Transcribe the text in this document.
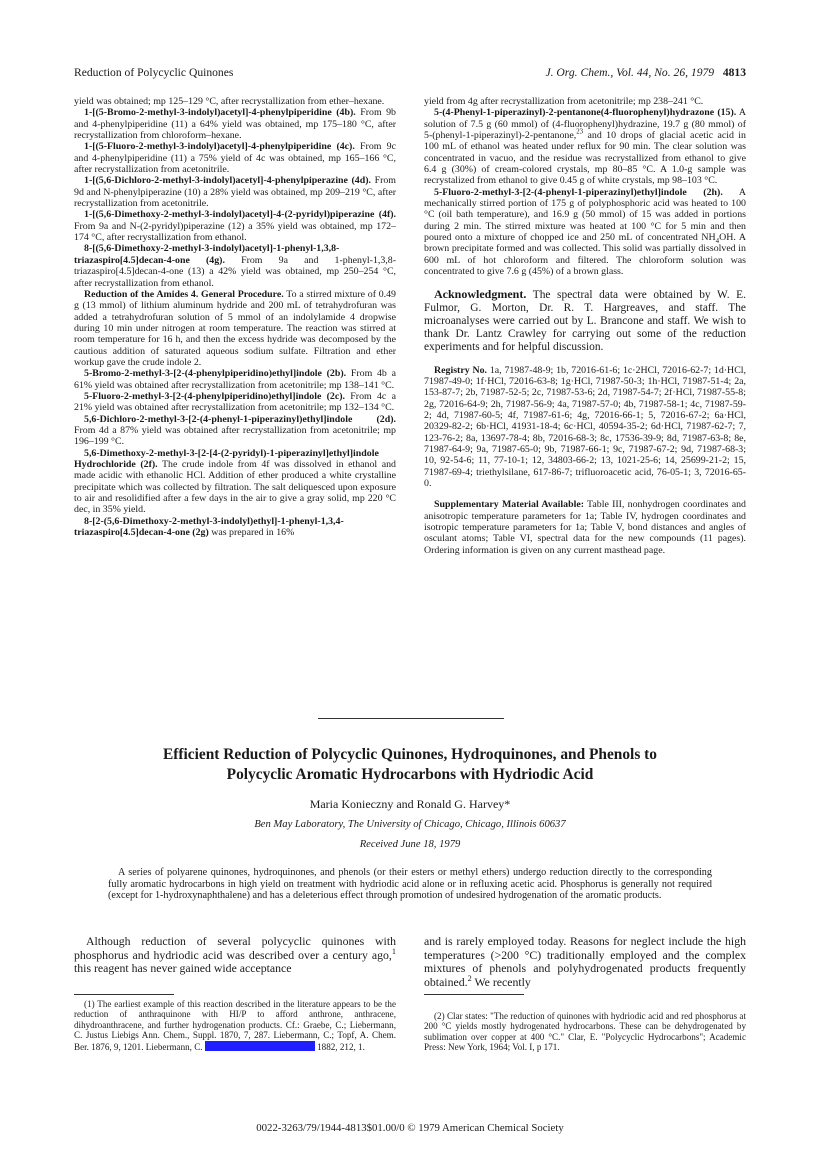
Reduction of Polycyclic Quinones	J. Org. Chem., Vol. 44, No. 26, 1979 4813

yield was obtained; mp 125–129 °C, after recrystallization from ether–hexane.

1-[(5-Bromo-2-methyl-3-indolyl)acetyl]-4-phenylpiperidine (4b). From 9b and 4-phenylpiperidine (11) a 64% yield was obtained, mp 175–180 °C, after recrystallization from chloroform–hexane.

1-[(5-Fluoro-2-methyl-3-indolyl)acetyl]-4-phenylpiperidine (4c). From 9c and 4-phenylpiperidine (11) a 75% yield of 4c was obtained, mp 165–166 °C, after recrystallization from acetonitrile.

1-[(5,6-Dichloro-2-methyl-3-indolyl)acetyl]-4-phenylpiperazine (4d). From 9d and N-phenylpiperazine (10) a 28% yield was obtained, mp 209–219 °C, after recrystallization from acetonitrile.

1-[(5,6-Dimethoxy-2-methyl-3-indolyl)acetyl]-4-(2-pyridyl)piperazine (4f). From 9a and N-(2-pyridyl)piperazine (12) a 35% yield was obtained, mp 172–174 °C, after recrystallization from ethanol.

8-[(5,6-Dimethoxy-2-methyl-3-indolyl)acetyl]-1-phenyl-1,3,8-triazaspiro[4.5]decan-4-one (4g). From 9a and 1-phenyl-1,3,8-triazaspiro[4.5]decan-4-one (13) a 42% yield was obtained, mp 250–254 °C, after recrystallization from ethanol.

Reduction of the Amides 4. General Procedure. To a stirred mixture of 0.49 g (13 mmol) of lithium aluminum hydride and 200 mL of tetrahydrofuran was added a tetrahydrofuran solution of 5 mmol of an indolylamide 4 dropwise during 10 min under nitrogen at room temperature. The reaction was stirred at room temperature for 16 h, and then the excess hydride was decomposed by the cautious addition of saturated aqueous sodium sulfate. Filtration and ether workup gave the crude indole 2.

5-Bromo-2-methyl-3-[2-(4-phenylpiperidino)ethyl]indole (2b). From 4b a 61% yield was obtained after recrystallization from acetonitrile; mp 138–141 °C.

5-Fluoro-2-methyl-3-[2-(4-phenylpiperidino)ethyl]indole (2c). From 4c a 21% yield was obtained after recrystallization from acetonitrile; mp 132–134 °C.

5,6-Dichloro-2-methyl-3-[2-(4-phenyl-1-piperazinyl)ethyl]indole (2d). From 4d a 87% yield was obtained after recrystallization from acetonitrile; mp 196–199 °C.

5,6-Dimethoxy-2-methyl-3-[2-[4-(2-pyridyl)-1-piperazinyl]ethyl]indole Hydrochloride (2f). The crude indole from 4f was dissolved in ethanol and made acidic with ethanolic HCl. Addition of ether produced a white crystalline precipitate which was collected by filtration. The salt deliquesced upon exposure to air and resolidified after a few days in the air to give a gray solid, mp 220 °C dec, in 35% yield.

8-[2-(5,6-Dimethoxy-2-methyl-3-indolyl)ethyl]-1-phenyl-1,3,4-triazaspiro[4.5]decan-4-one (2g) was prepared in 16%

yield from 4g after recrystallization from acetonitrile; mp 238–241 °C.

5-(4-Phenyl-1-piperazinyl)-2-pentanone(4-fluorophenyl)hydrazone (15). A solution of 7.5 g (60 mmol) of (4-fluorophenyl)hydrazine, 19.7 g (80 mmol) of 5-(phenyl-1-piperazinyl)-2-pentanone,$^{23}$ and 10 drops of glacial acetic acid in 100 mL of ethanol was heated under reflux for 90 min. The clear solution was concentrated in vacuo, and the residue was recrystallized from ethanol to give 6.4 g (30%) of cream-colored crystals, mp 80–85 °C. A 1.0-g sample was recrystalized from ethanol to give 0.45 g of white crystals, mp 98–103 °C.

5-Fluoro-2-methyl-3-[2-(4-phenyl-1-piperazinyl)ethyl]indole (2h). A mechanically stirred portion of 175 g of polyphosphoric acid was heated to 100 °C (oil bath temperature), and 16.9 g (50 mmol) of 15 was added in portions during 2 min. The stirred mixture was heated at 100 °C for 5 min and then poured onto a mixture of chopped ice and 250 mL of concentrated $NH_4OH$. A brown precipitate formed and was collected. This solid was partially dissolved in 600 mL of hot chloroform and filtered. The chloroform solution was concentrated to give 7.6 g (45%) of a brown glass.

Acknowledgment. The spectral data were obtained by W. E. Fulmor, G. Morton, Dr. R. T. Hargreaves, and staff. The microanalyses were carried out by L. Brancone and staff. We wish to thank Dr. Lantz Crawley for carrying out some of the reduction experiments and for helpful discussion.

Registry No. 1a, 71987-48-9; 1b, 72016-61-6; 1c·2HCl, 72016-62-7; 1d·HCl, 71987-49-0; 1f·HCl, 72016-63-8; 1g·HCl, 71987-50-3; 1h·HCl, 71987-51-4; 2a, 153-87-7; 2b, 71987-52-5; 2c, 71987-53-6; 2d, 71987-54-7; 2f·HCl, 71987-55-8; 2g, 72016-64-9; 2h, 71987-56-9; 4a, 71987-57-0; 4b, 71987-58-1; 4c, 71987-59-2; 4d, 71987-60-5; 4f, 71987-61-6; 4g, 72016-66-1; 5, 72016-67-2; 6a·HCl, 20329-82-2; 6b·HCl, 41931-18-4; 6c·HCl, 40594-35-2; 6d·HCl, 71987-62-7; 7, 123-76-2; 8a, 13697-78-4; 8b, 72016-68-3; 8c, 17536-39-9; 8d, 71987-63-8; 8e, 71987-64-9; 9a, 71987-65-0; 9b, 71987-66-1; 9c, 71987-67-2; 9d, 71987-68-3; 10, 92-54-6; 11, 77-10-1; 12, 34803-66-2; 13, 1021-25-6; 14, 25699-21-2; 15, 71987-69-4; triethylsilane, 617-86-7; trifluoroacetic acid, 76-05-1; 3, 72016-65-0.

Supplementary Material Available: Table III, nonhydrogen coordinates and anisotropic temperature parameters for 1a; Table IV, hydrogen coordinates and isotropic temperature parameters for 1a; Table V, bond distances and angles of osculant atoms; Table VI, spectral data for the new compounds (11 pages). Ordering information is given on any current masthead page.

Efficient Reduction of Polycyclic Quinones, Hydroquinones, and Phenols to
Polycyclic Aromatic Hydrocarbons with Hydriodic Acid
Maria Konieczny and Ronald G. Harvey*
Ben May Laboratory, The University of Chicago, Chicago, Illinois 60637
Received June 18, 1979
A series of polyarene quinones, hydroquinones, and phenols (or their esters or methyl ethers) undergo reduction directly to the corresponding fully aromatic hydrocarbons in high yield on treatment with hydriodic acid alone or in refluxing acetic acid. Phosphorus is generally not required (except for 1-hydroxynaphthalene) and has a deleterious effect through promotion of undesired hydrogenation of the aromatic products.
Although reduction of several polycyclic quinones with phosphorus and hydriodic acid was described over a century ago,$^1$ this reagent has never gained wide acceptance
and is rarely employed today. Reasons for neglect include the high temperatures (>200 °C) traditionally employed and the complex mixtures of phenols and polyhydrogenated products frequently obtained.$^2$ We recently
(1) The earliest example of this reaction described in the literature appears to be the reduction of anthraquinone with HI/P to afford anthrone, anthracene, dihydroanthracene, and further hydrogenation products. Cf.: Graebe, C.; Liebermann, C. Justus Liebigs Ann. Chem., Suppl. 1870, 7, 287. Liebermann, C.; Topf, A. Chem. Ber. 1876, 9, 1201. Liebermann, C.	1882, 212, 1.
(2) Clar states: "The reduction of quinones with hydriodic acid and red phosphorus at 200 °C yields mostly hydrogenated hydrocarbons. These can be dehydrogenated by sublimation over copper at 400 °C." Clar, E. "Polycyclic Hydrocarbons"; Academic Press: New York, 1964; Vol. I, p 171.
0022-3263/79/1944-4813$01.00/0 © 1979 American Chemical Society
